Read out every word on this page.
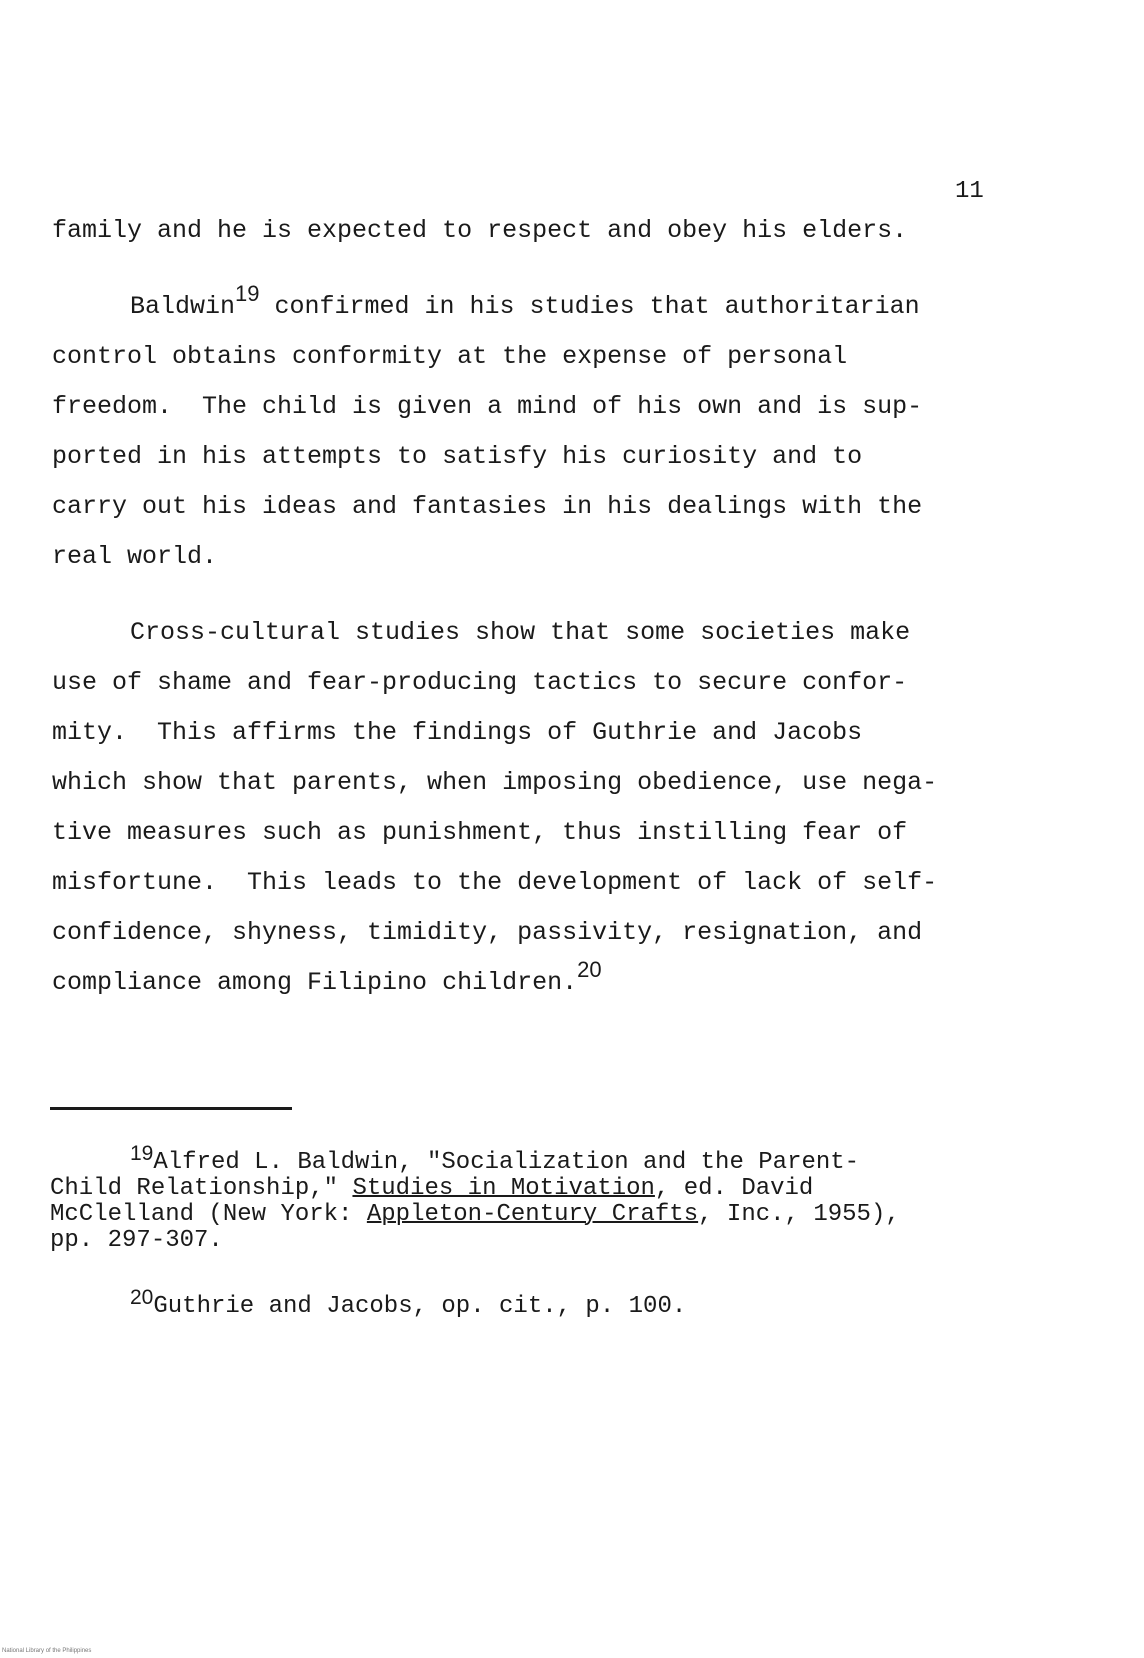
11
family and he is expected to respect and obey his elders.
Baldwin$^{19}$ confirmed in his studies that authoritarian
control obtains conformity at the expense of personal
freedom.  The child is given a mind of his own and is sup-
ported in his attempts to satisfy his curiosity and to
carry out his ideas and fantasies in his dealings with the
real world.
Cross-cultural studies show that some societies make
use of shame and fear-producing tactics to secure confor-
mity.  This affirms the findings of Guthrie and Jacobs
which show that parents, when imposing obedience, use nega-
tive measures such as punishment, thus instilling fear of
misfortune.  This leads to the development of lack of self-
confidence, shyness, timidity, passivity, resignation, and
compliance among Filipino children.$^{20}$
$^{19}$Alfred L. Baldwin, "Socialization and the Parent-
Child Relationship," Studies in Motivation, ed. David
McClelland (New York: Appleton-Century Crafts, Inc., 1955),
pp. 297-307.
$^{20}$Guthrie and Jacobs, op. cit., p. 100.
National Library of the Philippines
